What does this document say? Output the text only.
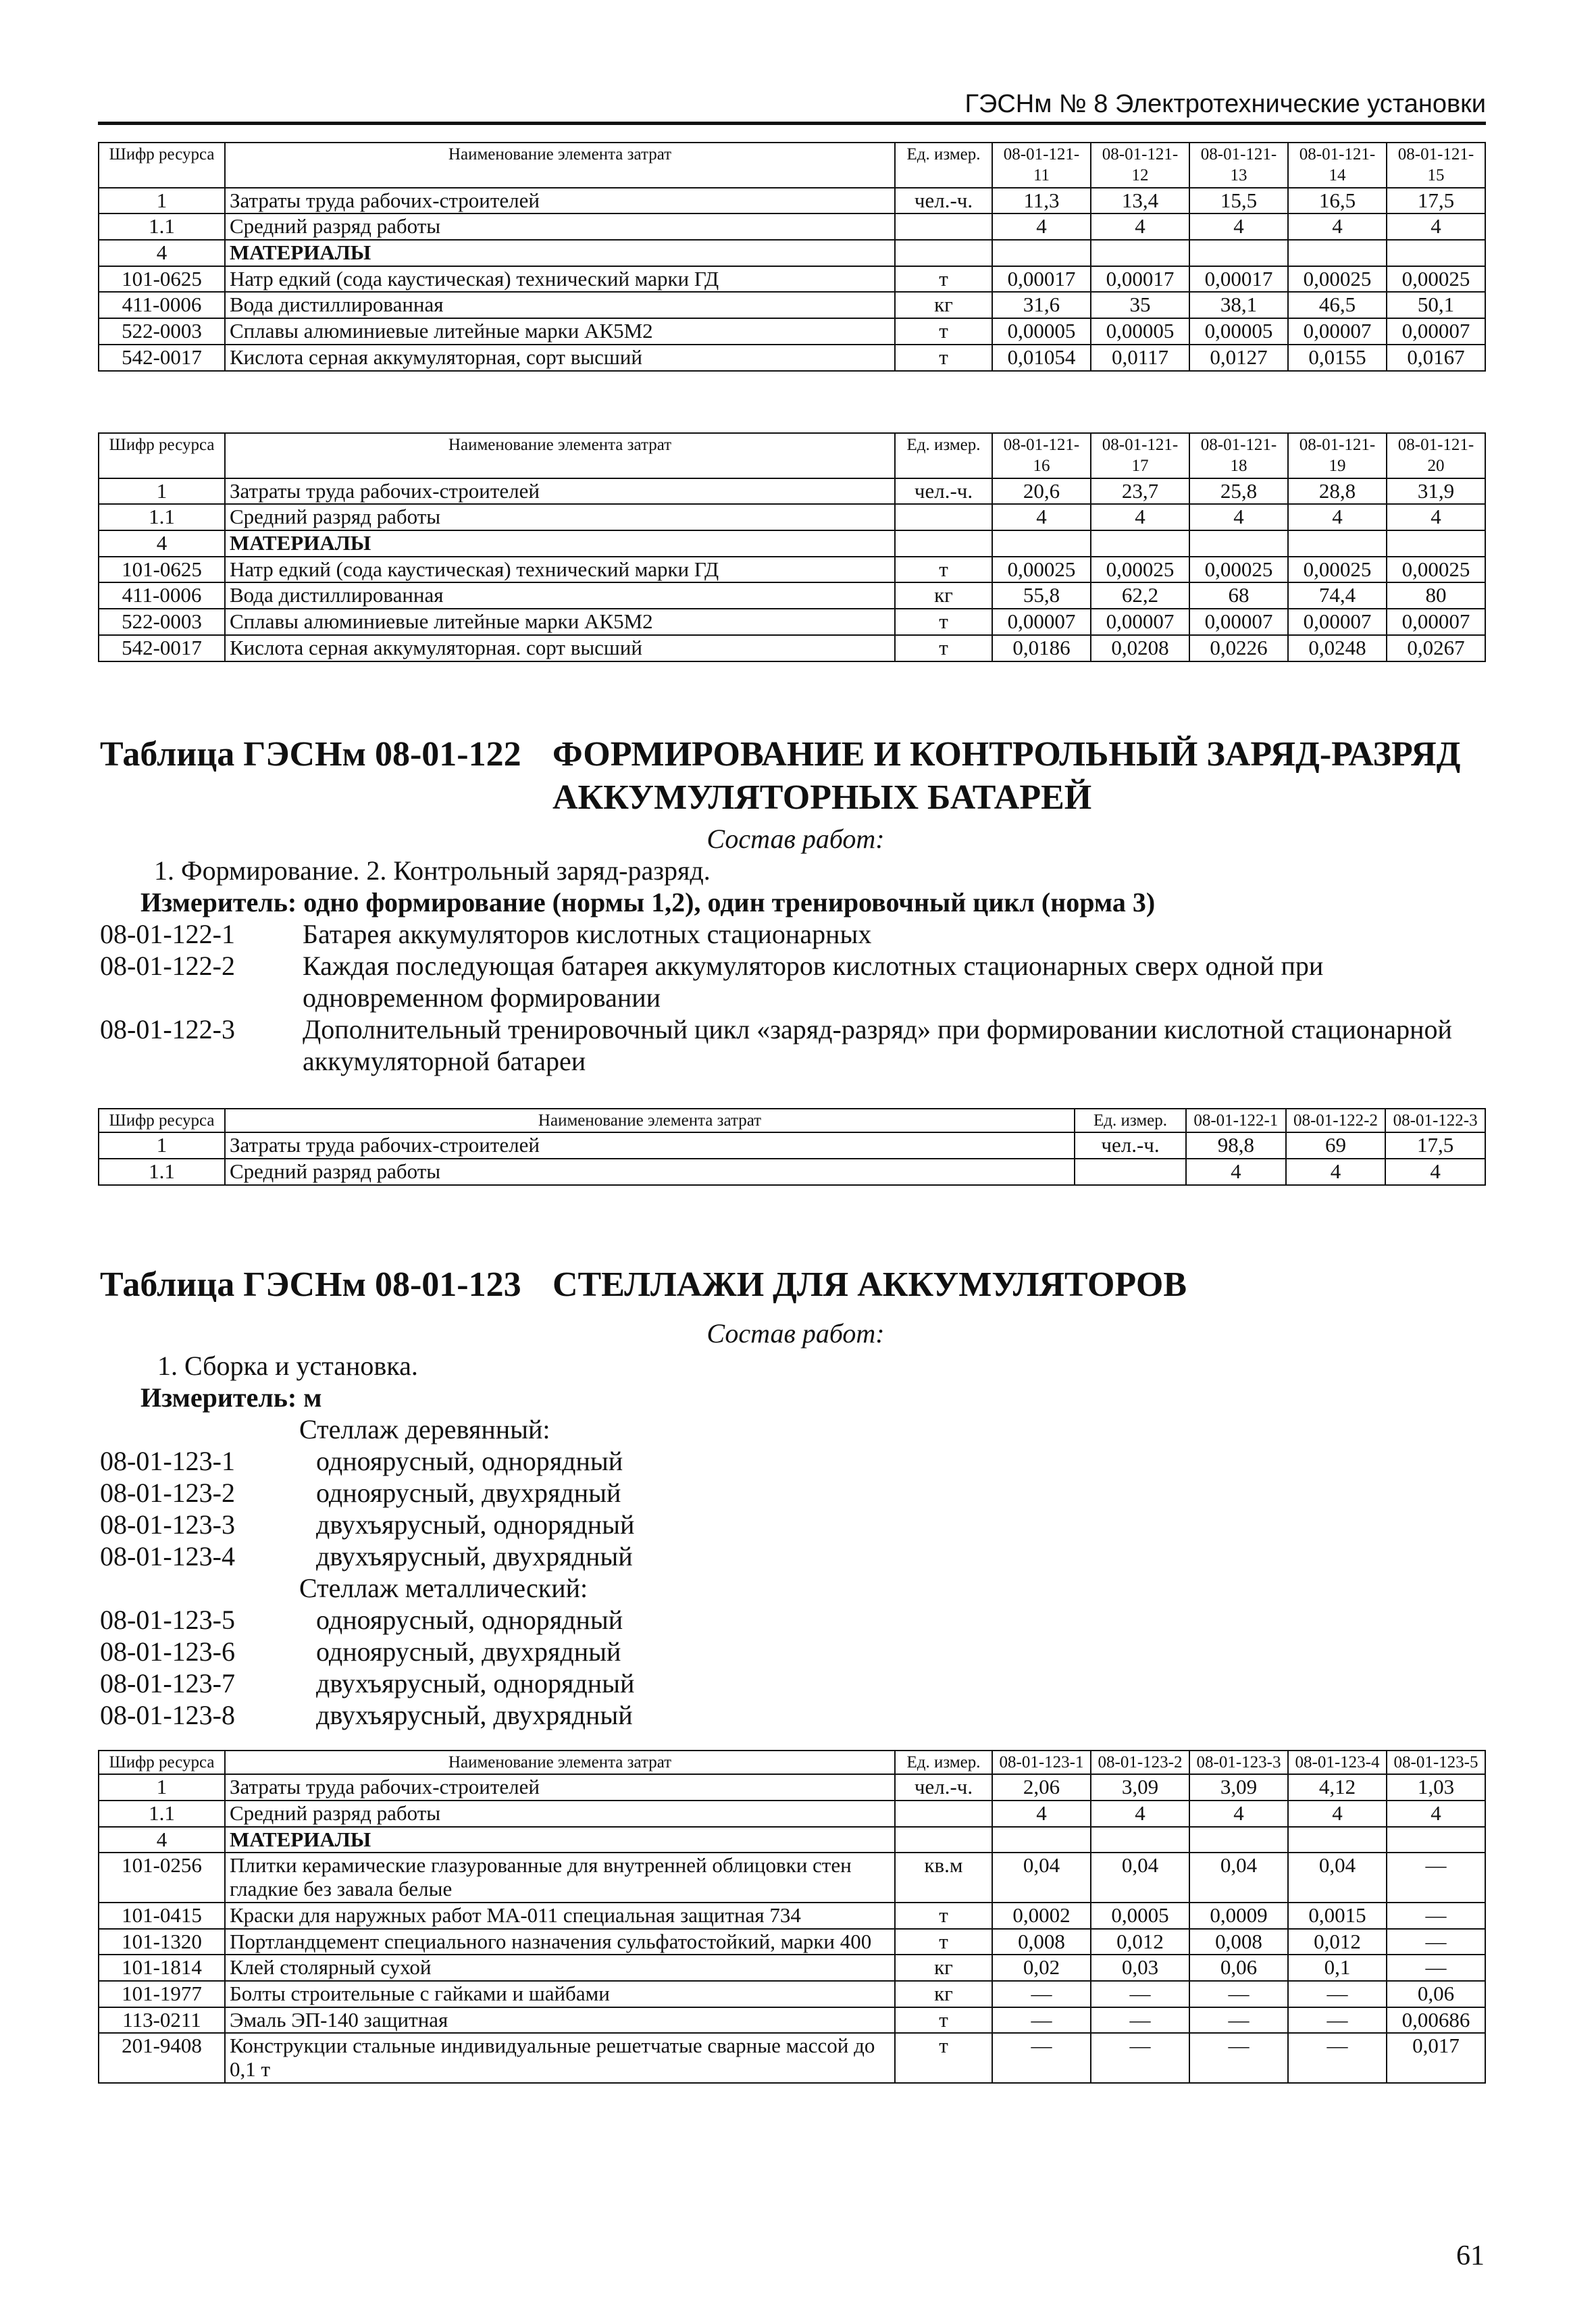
ГЭСНм № 8 Электротехнические установки
Шифр ресурса	Наименование элемента затрат	Ед. измер.	08-01-121-11	08-01-121-12	08-01-121-13	08-01-121-14	08-01-121-15
1	Затраты труда рабочих-строителей	чел.-ч.	11,3	13,4	15,5	16,5	17,5
1.1	Средний разряд работы		4	4	4	4	4
4	МАТЕРИАЛЫ						
101-0625	Натр едкий (сода каустическая) технический марки ГД	т	0,00017	0,00017	0,00017	0,00025	0,00025
411-0006	Вода дистиллированная	кг	31,6	35	38,1	46,5	50,1
522-0003	Сплавы алюминиевые литейные марки АК5М2	т	0,00005	0,00005	0,00005	0,00007	0,00007
542-0017	Кислота серная аккумуляторная, сорт высший	т	0,01054	0,0117	0,0127	0,0155	0,0167
Шифр ресурса	Наименование элемента затрат	Ед. измер.	08-01-121-16	08-01-121-17	08-01-121-18	08-01-121-19	08-01-121-20
1	Затраты труда рабочих-строителей	чел.-ч.	20,6	23,7	25,8	28,8	31,9
1.1	Средний разряд работы		4	4	4	4	4
4	МАТЕРИАЛЫ						
101-0625	Натр едкий (сода каустическая) технический марки ГД	т	0,00025	0,00025	0,00025	0,00025	0,00025
411-0006	Вода дистиллированная	кг	55,8	62,2	68	74,4	80
522-0003	Сплавы алюминиевые литейные марки АК5М2	т	0,00007	0,00007	0,00007	0,00007	0,00007
542-0017	Кислота серная аккумуляторная. сорт высший	т	0,0186	0,0208	0,0226	0,0248	0,0267
Таблица ГЭСНм 08-01-122 ФОРМИРОВАНИЕ И КОНТРОЛЬНЫЙ ЗАРЯД-РАЗРЯД
АККУМУЛЯТОРНЫХ БАТАРЕЙ
Состав работ:
1. Формирование. 2. Контрольный заряд-разряд.
Измеритель: одно формирование (нормы 1,2), один тренировочный цикл (норма 3)
08-01-122-1	Батарея аккумуляторов кислотных стационарных
08-01-122-2	Каждая последующая батарея аккумуляторов кислотных стационарных сверх одной при одновременном формировании
08-01-122-3	Дополнительный тренировочный цикл «заряд-разряд» при формировании кислотной стационарной аккумуляторной батареи
Шифр ресурса	Наименование элемента затрат	Ед. измер.	08-01-122-1	08-01-122-2	08-01-122-3
1	Затраты труда рабочих-строителей	чел.-ч.	98,8	69	17,5
1.1	Средний разряд работы		4	4	4
Таблица ГЭСНм 08-01-123 СТЕЛЛАЖИ ДЛЯ АККУМУЛЯТОРОВ
Состав работ:
1. Сборка и установка.
Измеритель: м
Стеллаж деревянный:
08-01-123-1	одноярусный, однорядный
08-01-123-2	одноярусный, двухрядный
08-01-123-3	двухъярусный, однорядный
08-01-123-4	двухъярусный, двухрядный
Стеллаж металлический:
08-01-123-5	одноярусный, однорядный
08-01-123-6	одноярусный, двухрядный
08-01-123-7	двухъярусный, однорядный
08-01-123-8	двухъярусный, двухрядный
Шифр ресурса	Наименование элемента затрат	Ед. измер.	08-01-123-1	08-01-123-2	08-01-123-3	08-01-123-4	08-01-123-5
1	Затраты труда рабочих-строителей	чел.-ч.	2,06	3,09	3,09	4,12	1,03
1.1	Средний разряд работы		4	4	4	4	4
4	МАТЕРИАЛЫ						
101-0256	Плитки керамические глазурованные для внутренней облицовки стен гладкие без завала белые	кв.м	0,04	0,04	0,04	0,04	—
101-0415	Краски для наружных работ МА-011 специальная защитная 734	т	0,0002	0,0005	0,0009	0,0015	—
101-1320	Портландцемент специального назначения сульфатостойкий, марки 400	т	0,008	0,012	0,008	0,012	—
101-1814	Клей столярный сухой	кг	0,02	0,03	0,06	0,1	—
101-1977	Болты строительные с гайками и шайбами	кг	—	—	—	—	0,06
113-0211	Эмаль ЭП-140 защитная	т	—	—	—	—	0,00686
201-9408	Конструкции стальные индивидуальные решетчатые сварные массой до 0,1 т	т	—	—	—	—	0,017
61
